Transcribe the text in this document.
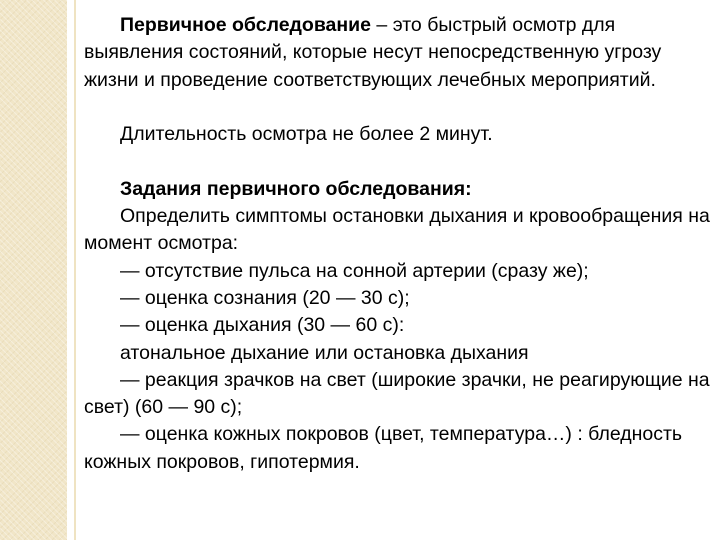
Первичное обследование – это быстрый осмотр для выявления состояний, которые несут непосредственную угрозу жизни и проведение соответствующих лечебных мероприятий.

Длительность осмотра не более 2 минут.

Задания первичного обследования:

Определить симптомы остановки дыхания и кровообращения на момент осмотра:

— отсутствие пульса на сонной артерии (сразу же);

— оценка сознания (20 — 30 с);

— оценка дыхания (30 — 60 с):

атональное дыхание или остановка дыхания

— реакция зрачков на свет (широкие зрачки, не реагирующие на свет) (60 — 90 с);

— оценка кожных покровов (цвет, температура…) : бледность кожных покровов, гипотермия.
